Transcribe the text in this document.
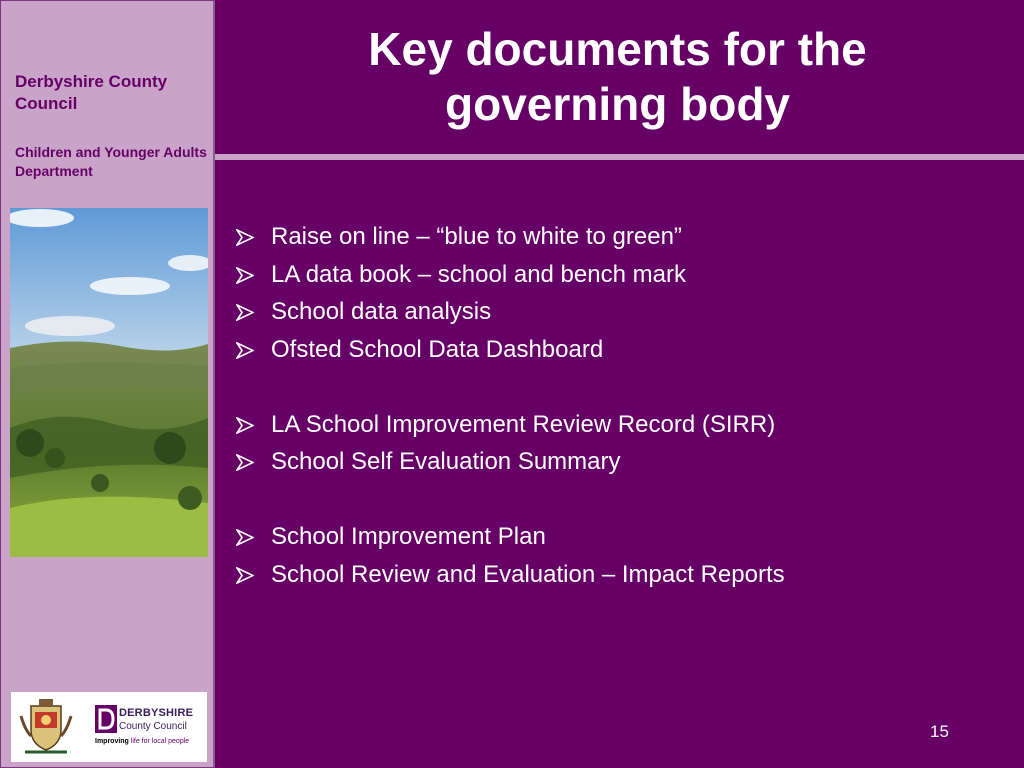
Derbyshire County Council
Children and Younger Adults Department
DERBYSHIRE
County Council
Improving life for local people
Key documents for the
governing body
Raise on line – “blue to white to green”
LA data book – school and bench mark
School data analysis
Ofsted School Data Dashboard
LA School Improvement Review Record (SIRR)
School Self Evaluation Summary
School Improvement Plan
School Review and Evaluation – Impact Reports
15
